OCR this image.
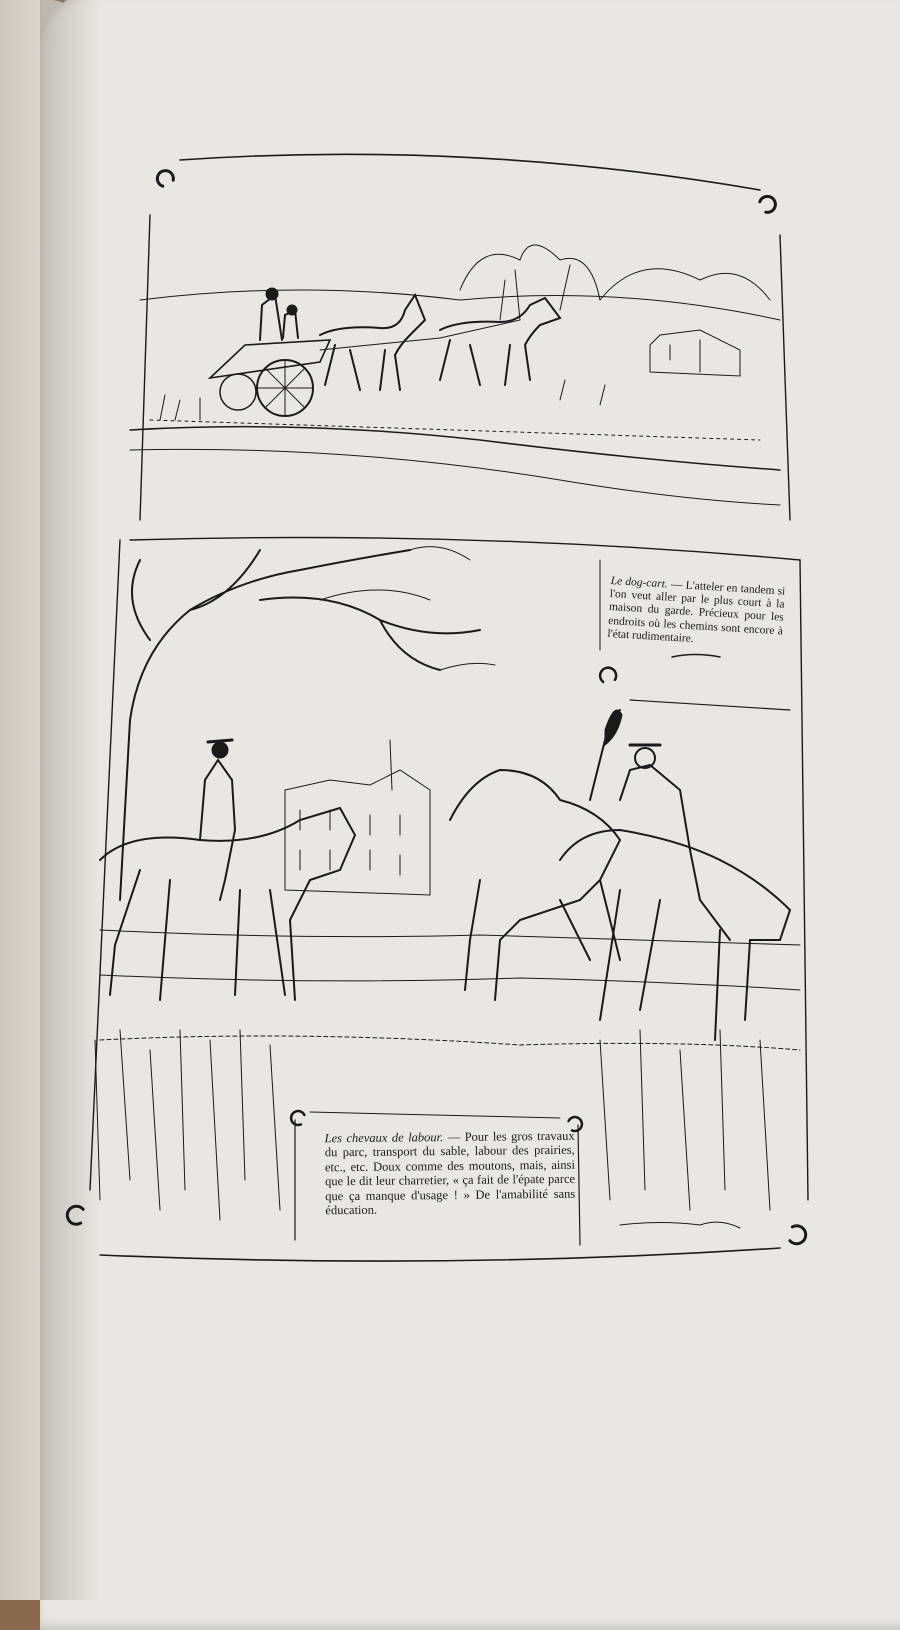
Le dog-cart. — L'atteler en tandem si l'on veut aller par le plus court à la maison du garde. Précieux pour les endroits où les chemins sont encore à l'état rudimentaire.
Les chevaux de labour. — Pour les gros travaux du parc, transport du sable, labour des prairies, etc., etc. Doux comme des moutons, mais, ainsi que le dit leur charretier, « ça fait de l'épate parce que ça manque d'usage ! » De l'amabilité sans éducation.
